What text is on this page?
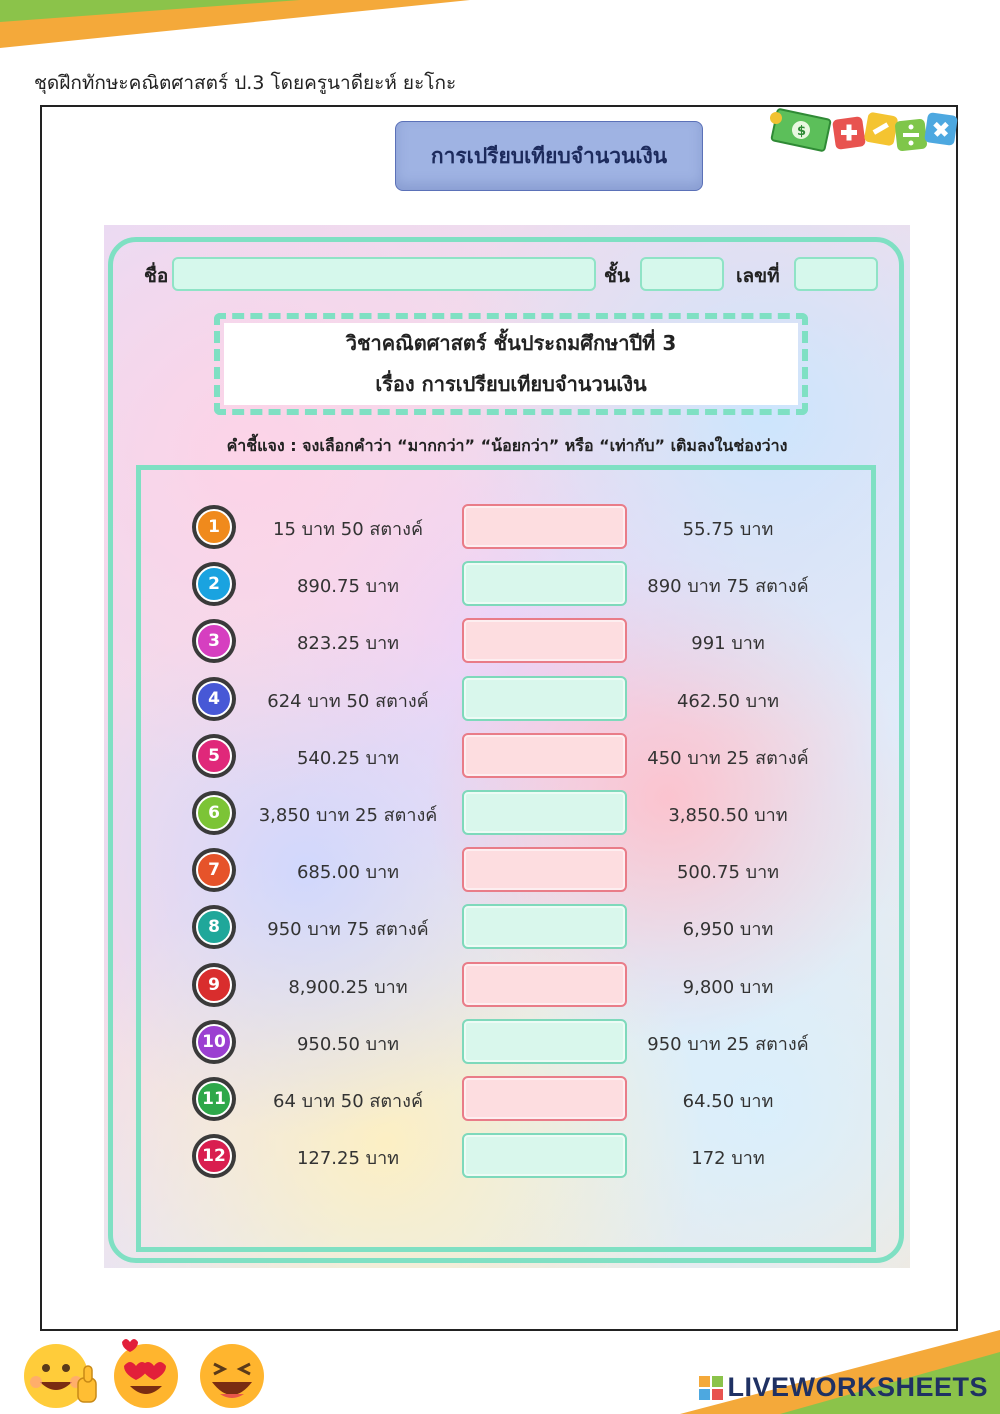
ชุดฝึกทักษะคณิตศาสตร์ ป.3 โดยครูนาดียะห์ ยะโกะ
การเปรียบเทียบจำนวนเงิน
$
ชื่อ	ชั้น	เลขที่
วิชาคณิตศาสตร์ ชั้นประถมศึกษาปีที่ 3
เรื่อง การเปรียบเทียบจำนวนเงิน
คำชี้แจง : จงเลือกคำว่า “มากกว่า” “น้อยกว่า” หรือ “เท่ากับ” เติมลงในช่องว่าง
1	15 บาท 50 สตางค์	55.75 บาท
2	890.75 บาท	890 บาท 75 สตางค์
3	823.25 บาท	991 บาท
4	624 บาท 50 สตางค์	462.50 บาท
5	540.25 บาท	450 บาท 25 สตางค์
6	3,850 บาท 25 สตางค์	3,850.50 บาท
7	685.00 บาท	500.75 บาท
8	950 บาท 75 สตางค์	6,950 บาท
9	8,900.25 บาท	9,800 บาท
10	950.50 บาท	950 บาท 25 สตางค์
11	64 บาท 50 สตางค์	64.50 บาท
12	127.25 บาท	172 บาท
LIVEWORKSHEETS
